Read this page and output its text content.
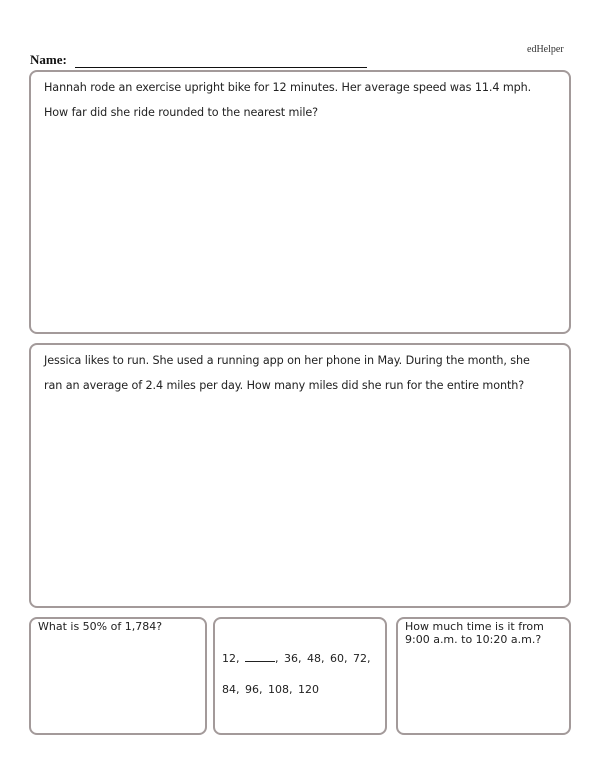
edHelper
Name:
Hannah rode an exercise upright bike for 12 minutes. Her average speed was 11.4 mph.
How far did she ride rounded to the nearest mile?
Jessica likes to run. She used a running app on her phone in May. During the month, she
ran an average of 2.4 miles per day. How many miles did she run for the entire month?
What is 50% of 1,784?
12,	, 36, 48, 60, 72,
84, 96, 108, 120
How much time is it from
9:00 a.m. to 10:20 a.m.?
